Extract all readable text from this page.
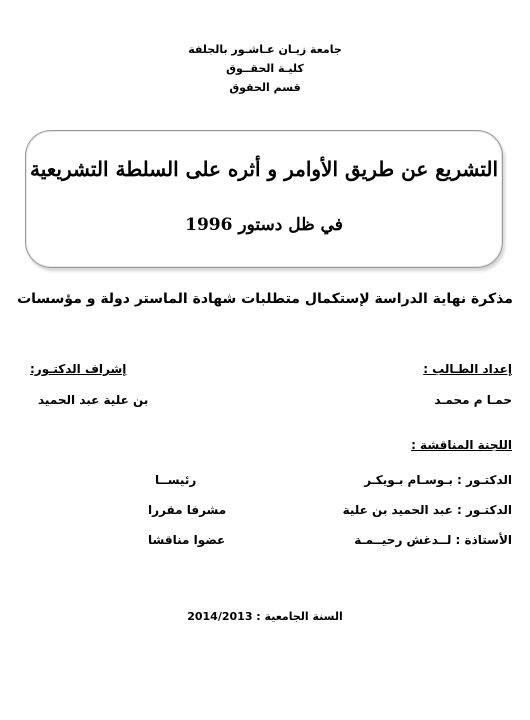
جامعة زيـان عـاشـور بالجلفة
كليـة الحقــوق
قسم الحقوق
التشريع عن طريق الأوامر و أثره على السلطة التشريعية
في ظل دستور 1996
مذكرة نهاية الدراسة لإستكمال متطلبات شهادة الماستر دولة و مؤسسات
إعداد الطـالب :
حمـا م محمـد
إشراف الدكتـور:
بن علية عبد الحميد
اللجنة المناقشة :
الدكتـور : بـوسـام بـويكـر
رئيســا
الدكتـور : عبد الحميد بن علية
مشرفا مقررا
الأستاذة : لــدغش رحيــمـة
عضوا مناقشا
السنة الجامعية : 2014/2013
